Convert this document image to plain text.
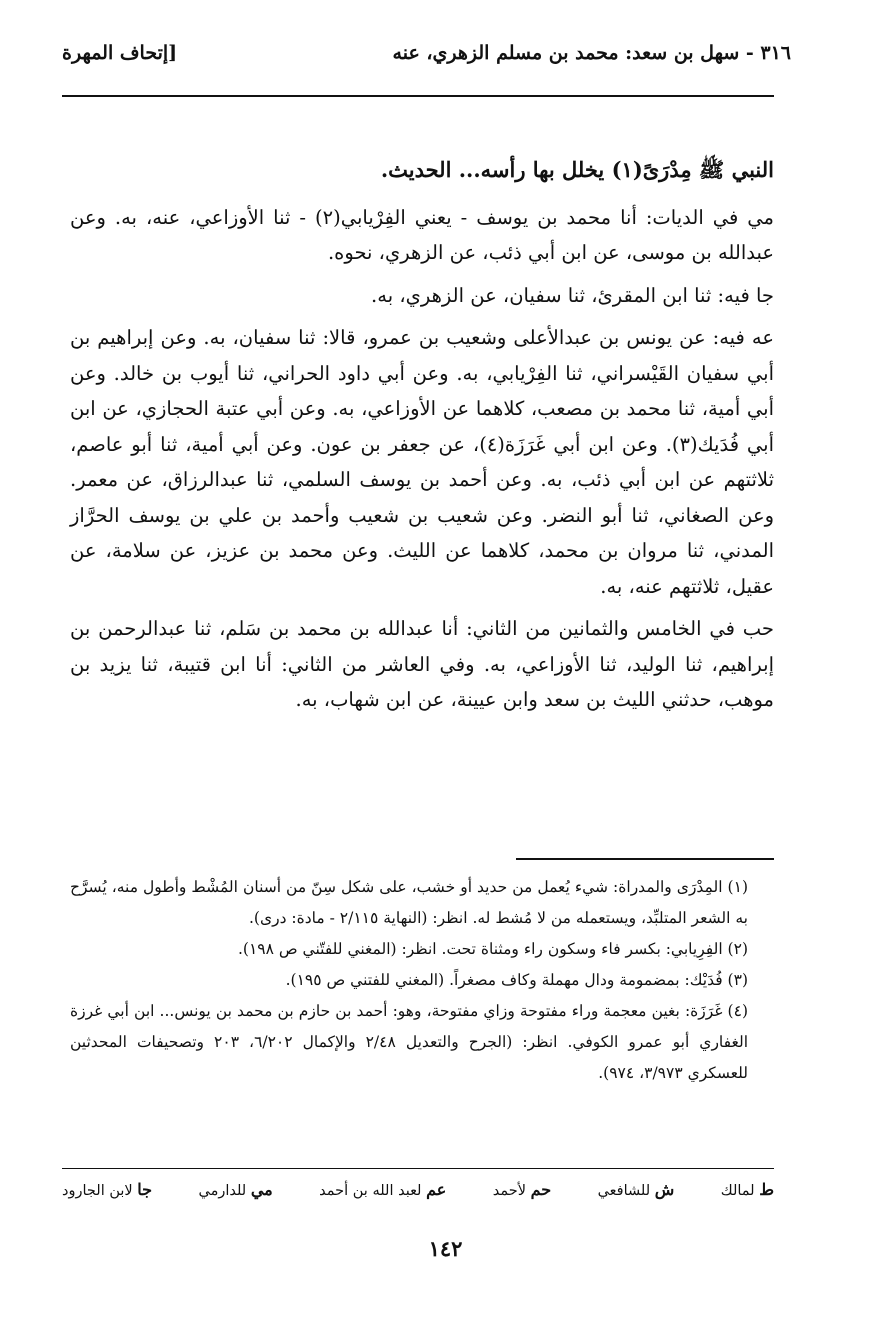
٣١٦ - سهل بن سعد: محمد بن مسلم الزهري، عنه
[إتحاف المهرة

النبي ﷺ مِدْرَىً(١) يخلل بها رأسه... الحديث.

مي في الديات: أنا محمد بن يوسف - يعني الفِرْيابي(٢) - ثنا الأوزاعي، عنه، به. وعن عبدالله بن موسى، عن ابن أبي ذئب، عن الزهري، نحوه.

جا فيه: ثنا ابن المقرئ، ثنا سفيان، عن الزهري، به.

عه فيه: عن يونس بن عبدالأعلى وشعيب بن عمرو، قالا: ثنا سفيان، به. وعن إبراهيم بن أبي سفيان القَيْسراني، ثنا الفِرْيابي، به. وعن أبي داود الحراني، ثنا أيوب بن خالد. وعن أبي أمية، ثنا محمد بن مصعب، كلاهما عن الأوزاعي، به. وعن أبي عتبة الحجازي، عن ابن أبي فُدَيك(٣). وعن ابن أبي غَرَزَة(٤)، عن جعفر بن عون. وعن أبي أمية، ثنا أبو عاصم، ثلاثتهم عن ابن أبي ذئب، به. وعن أحمد بن يوسف السلمي، ثنا عبدالرزاق، عن معمر. وعن الصغاني، ثنا أبو النضر. وعن شعيب بن شعيب وأحمد بن علي بن يوسف الحرَّاز المدني، ثنا مروان بن محمد، كلاهما عن الليث. وعن محمد بن عزيز، عن سلامة، عن عقيل، ثلاثتهم عنه، به.

حب في الخامس والثمانين من الثاني: أنا عبدالله بن محمد بن سَلم، ثنا عبدالرحمن بن إبراهيم، ثنا الوليد، ثنا الأوزاعي، به. وفي العاشر من الثاني: أنا ابن قتيبة، ثنا يزيد بن موهب، حدثني الليث بن سعد وابن عيينة، عن ابن شهاب، به.

(١) المِدْرَى والمدراة: شيء يُعمل من حديد أو خشب، على شكل سِنّ من أسنان المُشْط وأطول منه، يُسرَّح به الشعر المتلبِّد، ويستعمله من لا مُشط له. انظر: (النهاية ٢/١١٥ - مادة: درى).

(٢) الفِرِيابي: بكسر فاء وسكون راء ومثناة تحت. انظر: (المغني للفتّني ص ١٩٨).

(٣) فُدَيْك: بمضمومة ودال مهملة وكاف مصغراً. (المغني للفتني ص ١٩٥).

(٤) غَرَزَة: بغين معجمة وراء مفتوحة وزاي مفتوحة، وهو: أحمد بن حازم بن محمد بن يونس... ابن أبي غرزة الغفاري أبو عمرو الكوفي. انظر: (الجرح والتعديل ٢/٤٨ والإكمال ٦/٢٠٢، ٢٠٣ وتصحيفات المحدثين للعسكري ٣/٩٧٣، ٩٧٤).

ط لمالك
ش للشافعي
حم لأحمد
عم لعبد الله بن أحمد
مي للدارمي
جا لابن الجارود
١٤٢
